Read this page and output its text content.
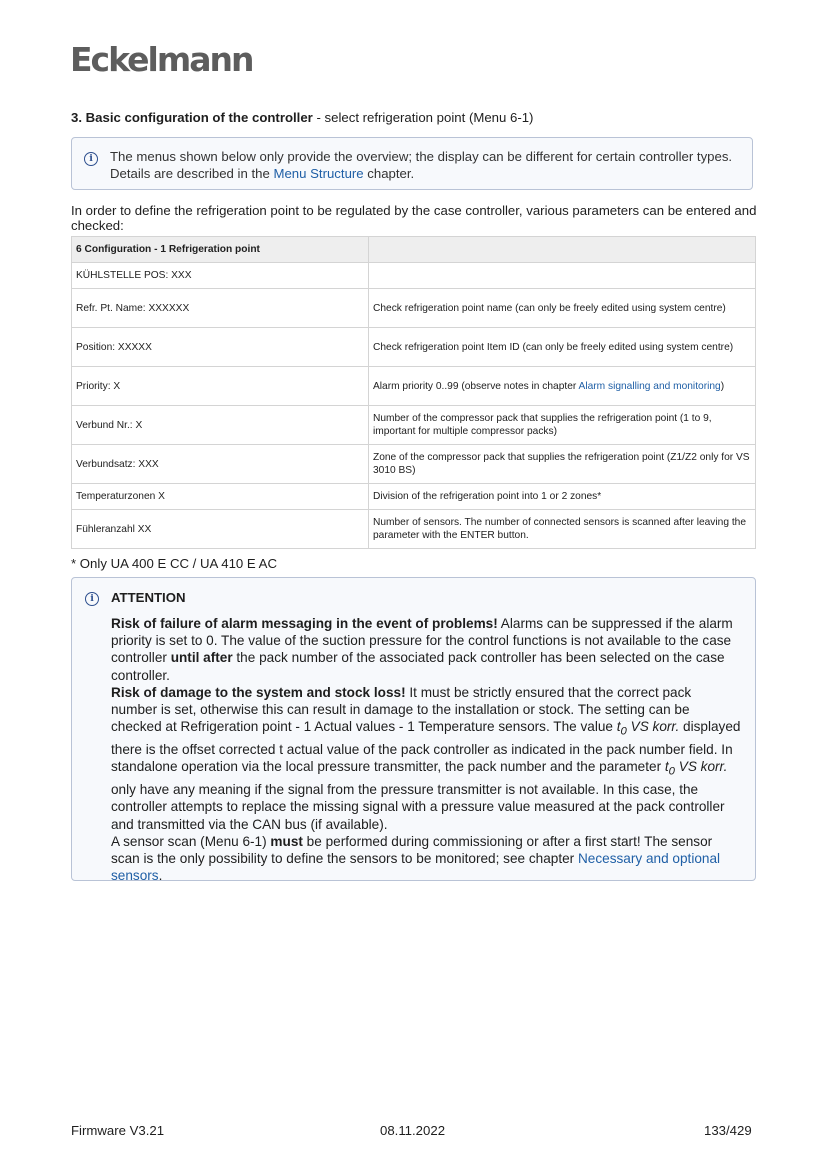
Eckelmann
3. Basic configuration of the controller - select refrigeration point (Menu 6-1)
i	The menus shown below only provide the overview; the display can be different for certain controller types. Details are described in the Menu Structure chapter.
In order to define the refrigeration point to be regulated by the case controller, various parameters can be entered and checked:
6 Configuration - 1 Refrigeration point	
KÜHLSTELLE POS: XXX	
Refr. Pt. Name: XXXXXX	Check refrigeration point name (can only be freely edited using system centre)
Position: XXXXX	Check refrigeration point Item ID (can only be freely edited using system centre)
Priority: X	Alarm priority 0..99 (observe notes in chapter Alarm signalling and monitoring)
Verbund Nr.: X	Number of the compressor pack that supplies the refrigeration point (1 to 9, important for multiple compressor packs)
Verbundsatz: XXX	Zone of the compressor pack that supplies the refrigeration point (Z1/Z2 only for VS 3010 BS)
Temperaturzonen X	Division of the refrigeration point into 1 or 2 zones*
Fühleranzahl XX	Number of sensors. The number of connected sensors is scanned after leaving the parameter with the ENTER button.
* Only UA 400 E CC / UA 410 E AC
i	ATTENTION

Risk of failure of alarm messaging in the event of problems! Alarms can be suppressed if the alarm priority is set to 0. The value of the suction pressure for the control functions is not available to the case controller until after the pack number of the associated pack controller has been selected on the case controller.

Risk of damage to the system and stock loss! It must be strictly ensured that the correct pack number is set, otherwise this can result in damage to the installation or stock. The setting can be checked at Refrigeration point - 1 Actual values - 1 Temperature sensors. The value $t_0$ VS korr. displayed there is the offset corrected t actual value of the pack controller as indicated in the pack number field. In standalone operation via the local pressure transmitter, the pack number and the parameter $t_0$ VS korr. only have any meaning if the signal from the pressure transmitter is not available. In this case, the controller attempts to replace the missing signal with a pressure value measured at the pack controller and transmitted via the CAN bus (if available).

A sensor scan (Menu 6-1) must be performed during commissioning or after a first start! The sensor scan is the only possibility to define the sensors to be monitored; see chapter Necessary and optional sensors.

Firmware V3.21	08.11.2022	133/429
